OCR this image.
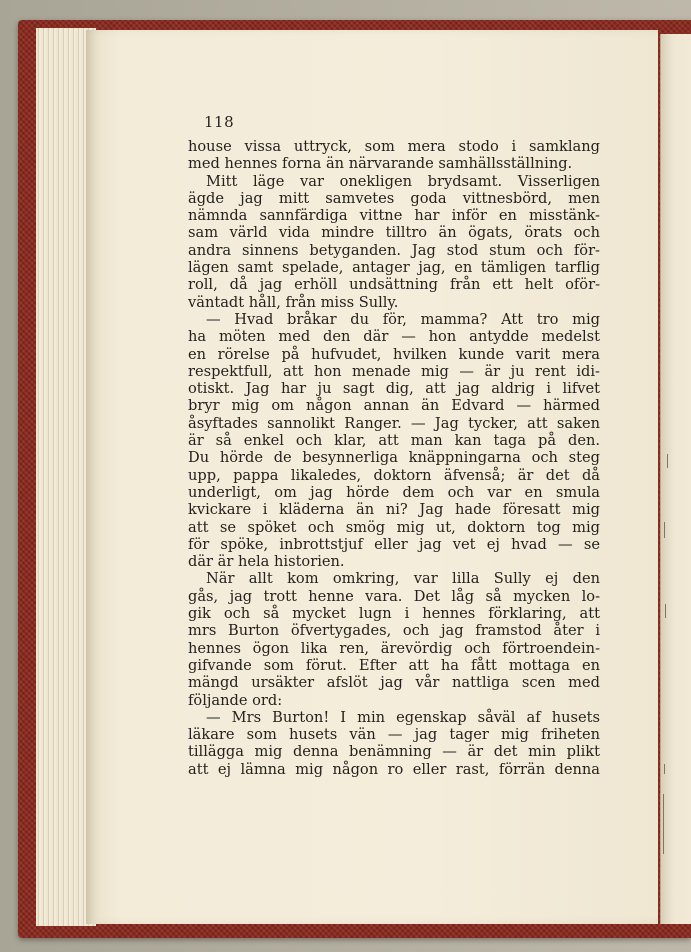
118

house vissa uttryck, som mera stodo i samklang
med hennes forna än närvarande samhällsställning.
Mitt läge var onekligen brydsamt. Visserligen
ägde jag mitt samvetes goda vittnesbörd, men
nämnda sannfärdiga vittne har inför en misstänk-
sam värld vida mindre tilltro än ögats, örats och
andra sinnens betyganden. Jag stod stum och för-
lägen samt spelade, antager jag, en tämligen tarflig
roll, då jag erhöll undsättning från ett helt oför-
väntadt håll, från miss Sully.
— Hvad bråkar du för, mamma? Att tro mig
ha möten med den där — hon antydde medelst
en rörelse på hufvudet, hvilken kunde varit mera
respektfull, att hon menade mig — är ju rent idi-
otiskt. Jag har ju sagt dig, att jag aldrig i lifvet
bryr mig om någon annan än Edvard — härmed
åsyftades sannolikt Ranger. — Jag tycker, att saken
är så enkel och klar, att man kan taga på den.
Du hörde de besynnerliga knäppningarna och steg
upp, pappa likaledes, doktorn äfvenså; är det då
underligt, om jag hörde dem och var en smula
kvickare i kläderna än ni? Jag hade föresatt mig
att se spöket och smög mig ut, doktorn tog mig
för spöke, inbrottstjuf eller jag vet ej hvad — se
där är hela historien.
När allt kom omkring, var lilla Sully ej den
gås, jag trott henne vara. Det låg så mycken lo-
gik och så mycket lugn i hennes förklaring, att
mrs Burton öfvertygades, och jag framstod åter i
hennes ögon lika ren, ärevördig och förtroendein-
gifvande som förut. Efter att ha fått mottaga en
mängd ursäkter afslöt jag vår nattliga scen med
följande ord:
— Mrs Burton! I min egenskap såväl af husets
läkare som husets vän — jag tager mig friheten
tillägga mig denna benämning — är det min plikt
att ej lämna mig någon ro eller rast, förrän denna
